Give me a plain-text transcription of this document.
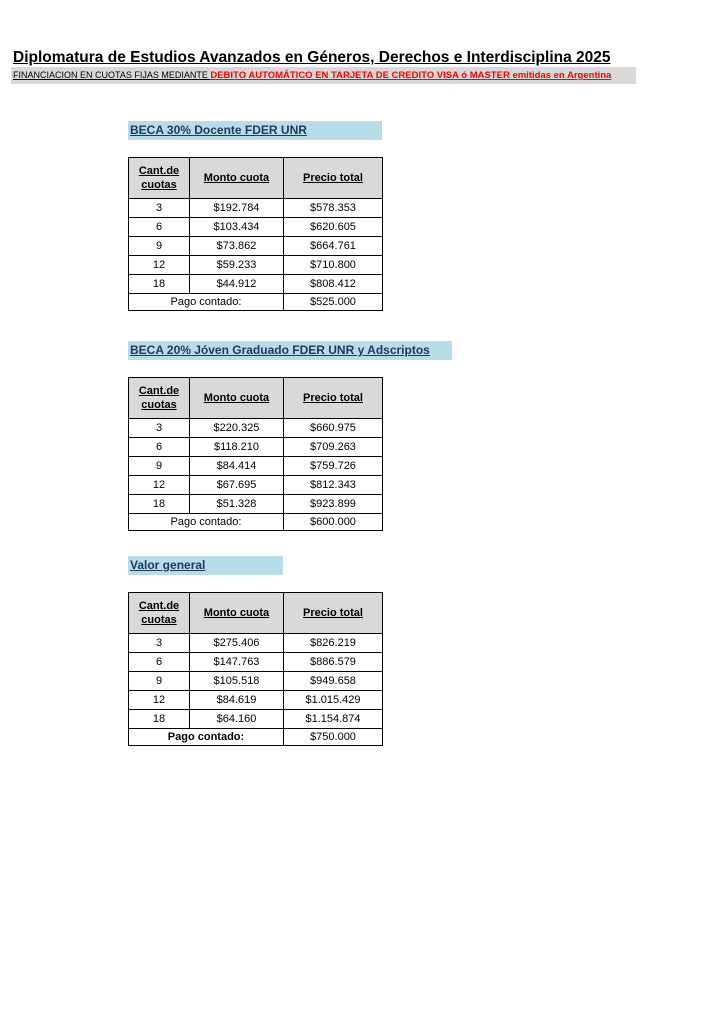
Diplomatura de Estudios Avanzados en Géneros, Derechos e Interdisciplina 2025
FINANCIACION EN CUOTAS FIJAS MEDIANTE DEBITO AUTOMÁTICO EN TARJETA DE CREDITO VISA ó MASTER emitidas en Argentina
BECA 30% Docente FDER UNR
Cant.de cuotas	Monto cuota	Precio total
3	$192.784	$578.353
6	$103.434	$620.605
9	$73.862	$664.761
12	$59.233	$710.800
18	$44.912	$808.412
Pago contado:		$525.000
BECA 20% Jóven Graduado FDER UNR y Adscriptos
Cant.de cuotas	Monto cuota	Precio total
3	$220.325	$660.975
6	$118.210	$709.263
9	$84.414	$759.726
12	$67.695	$812.343
18	$51.328	$923.899
Pago contado:		$600.000
Valor general
Cant.de cuotas	Monto cuota	Precio total
3	$275.406	$826.219
6	$147.763	$886.579
9	$105.518	$949.658
12	$84.619	$1.015.429
18	$64.160	$1.154.874
Pago contado:		$750.000
